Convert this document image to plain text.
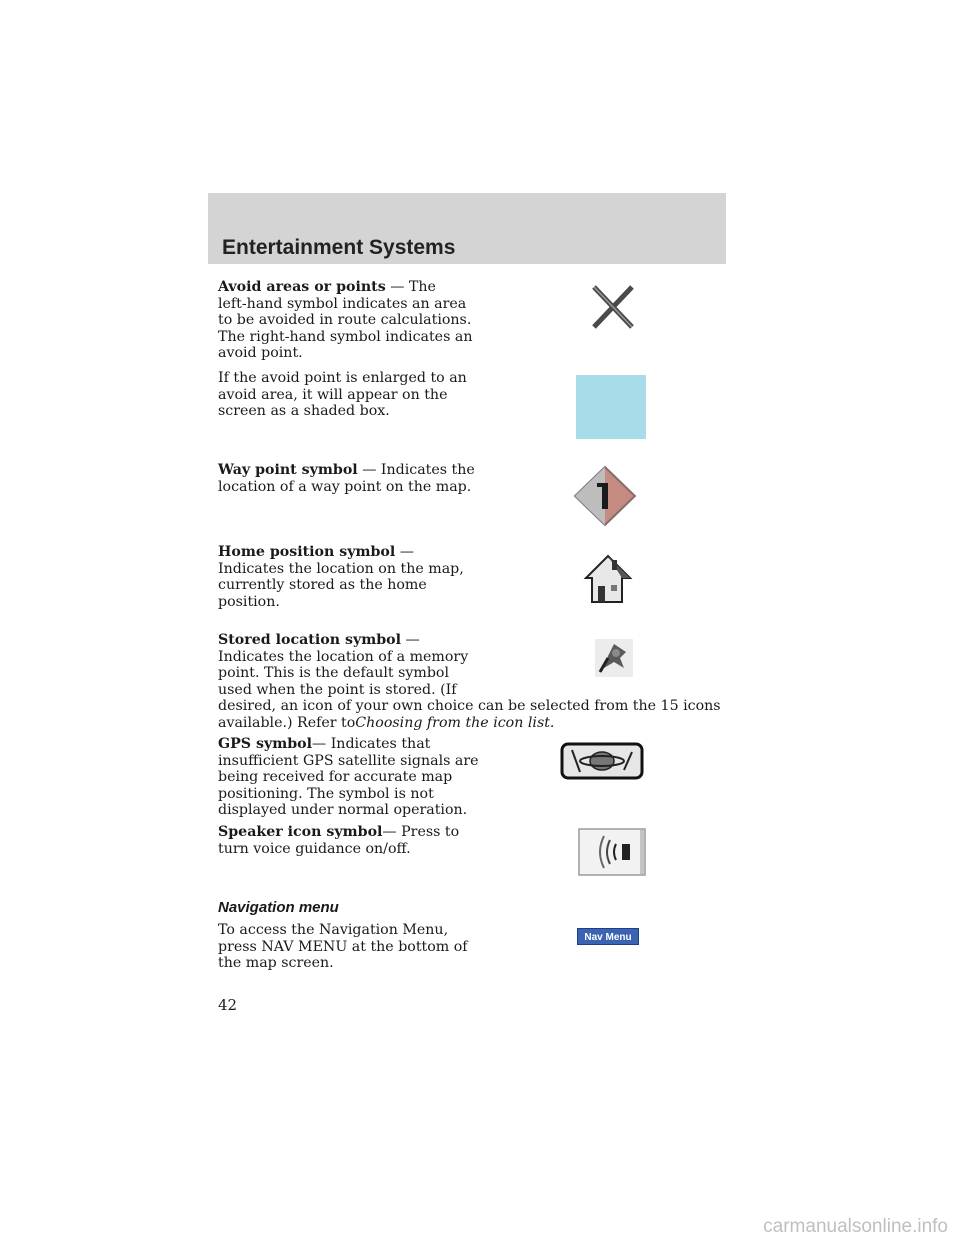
Entertainment Systems

Avoid areas or points — The
left-hand symbol indicates an area
to be avoided in route calculations.
The right-hand symbol indicates an
avoid point.

If the avoid point is enlarged to an
avoid area, it will appear on the
screen as a shaded box.

Way point symbol — Indicates the
location of a way point on the map.

Home position symbol —
Indicates the location on the map,
currently stored as the home
position.

Stored location symbol —
Indicates the location of a memory
point. This is the default symbol
used when the point is stored. (If
desired, an icon of your own choice can be selected from the 15 icons
available.) Refer toChoosing from the icon list.

GPS symbol— Indicates that
insufficient GPS satellite signals are
being received for accurate map
positioning. The symbol is not
displayed under normal operation.

Speaker icon symbol— Press to
turn voice guidance on/off.

Navigation menu

To access the Navigation Menu,
press NAV MENU at the bottom of
the map screen.

Nav Menu

42

carmanualsonline.info
